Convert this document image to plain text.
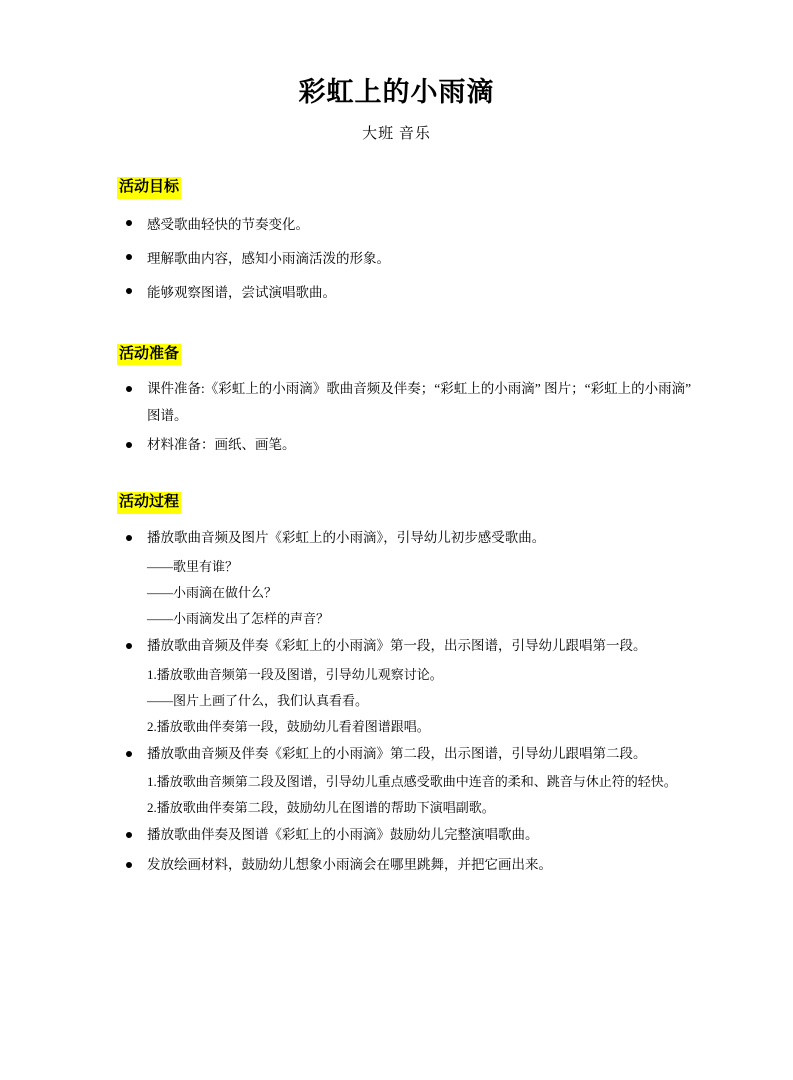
彩虹上的小雨滴
大班 音乐
活动目标
感受歌曲轻快的节奏变化。
理解歌曲内容，感知小雨滴活泼的形象。
能够观察图谱，尝试演唱歌曲。
活动准备
课件准备:《彩虹上的小雨滴》歌曲音频及伴奏；“彩虹上的小雨滴” 图片；“彩虹上的小雨滴” 图谱。
材料准备：画纸、画笔。
活动过程
播放歌曲音频及图片《彩虹上的小雨滴》，引导幼儿初步感受歌曲。
——歌里有谁？
——小雨滴在做什么？
——小雨滴发出了怎样的声音？
播放歌曲音频及伴奏《彩虹上的小雨滴》第一段，出示图谱，引导幼儿跟唱第一段。
1.播放歌曲音频第一段及图谱，引导幼儿观察讨论。
——图片上画了什么，我们认真看看。
2.播放歌曲伴奏第一段，鼓励幼儿看着图谱跟唱。
播放歌曲音频及伴奏《彩虹上的小雨滴》第二段，出示图谱，引导幼儿跟唱第二段。
1.播放歌曲音频第二段及图谱，引导幼儿重点感受歌曲中连音的柔和、跳音与休止符的轻快。
2.播放歌曲伴奏第二段，鼓励幼儿在图谱的帮助下演唱副歌。
播放歌曲伴奏及图谱《彩虹上的小雨滴》鼓励幼儿完整演唱歌曲。
发放绘画材料，鼓励幼儿想象小雨滴会在哪里跳舞，并把它画出来。
